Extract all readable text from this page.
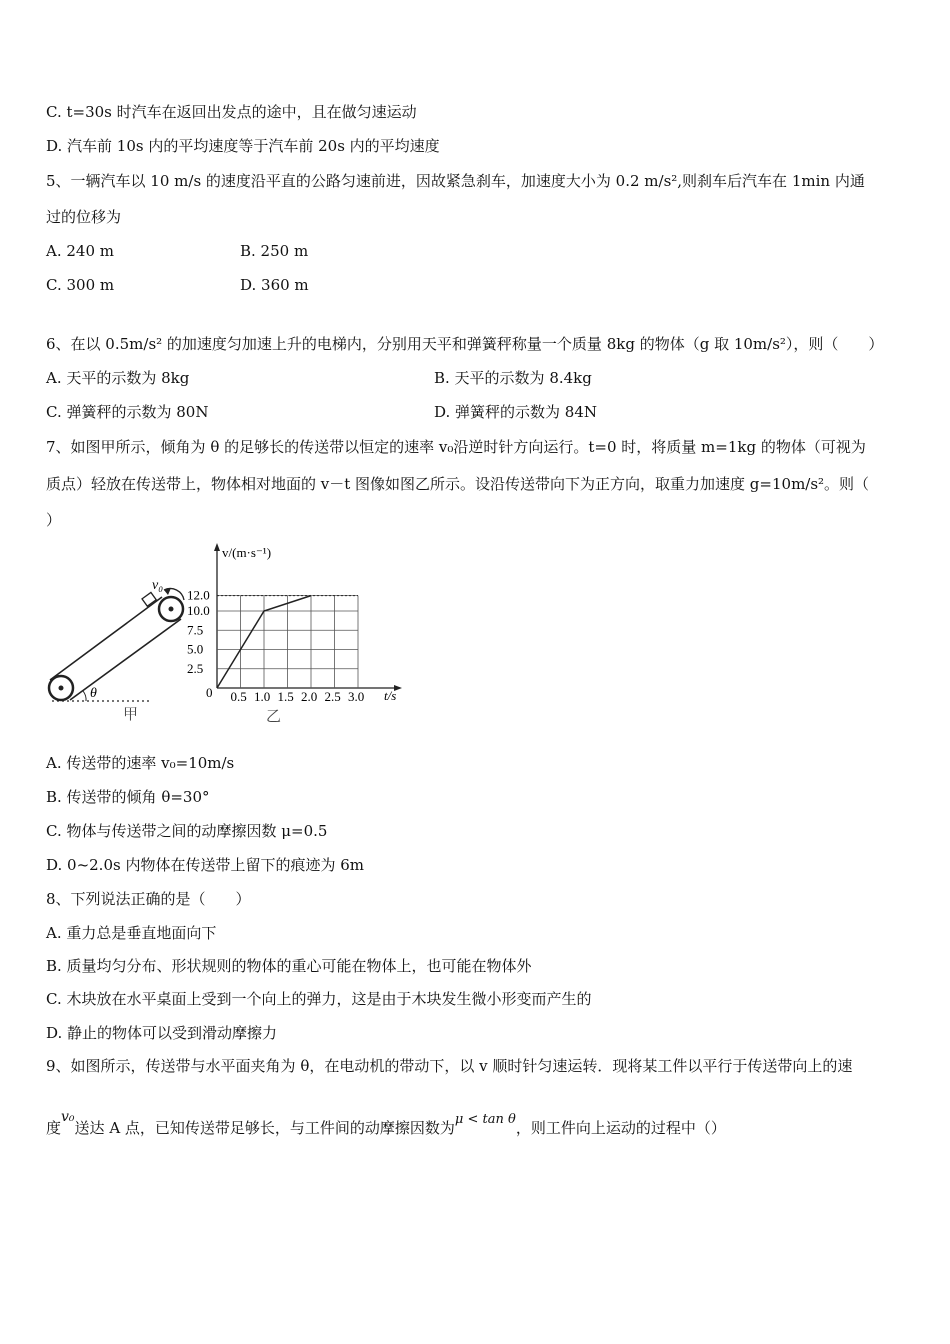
C. t=30s 时汽车在返回出发点的途中，且在做匀速运动
D. 汽车前 10s 内的平均速度等于汽车前 20s 内的平均速度
5、一辆汽车以 10 m/s 的速度沿平直的公路匀速前进，因故紧急刹车，加速度大小为 0.2 m/s²,则刹车后汽车在 1min 内通
过的位移为
A. 240 m	B. 250 m
C. 300 m	D. 360 m
6、在以 0.5m/s² 的加速度匀加速上升的电梯内，分别用天平和弹簧秤称量一个质量 8kg 的物体（g 取 10m/s²），则（　　）
A. 天平的示数为 8kg	B. 天平的示数为 8.4kg
C. 弹簧秤的示数为 80N	D. 弹簧秤的示数为 84N
7、如图甲所示，倾角为 θ 的足够长的传送带以恒定的速率 v₀沿逆时针方向运行。t=0 时，将质量 m=1kg 的物体（可视为
质点）轻放在传送带上，物体相对地面的 v－t 图像如图乙所示。设沿传送带向下为正方向，取重力加速度 g=10m/s²。则（
）
v₀
θ
甲
0.5 1.0 1.5 2.0 2.5 3.0
2.5
5.0
7.5
10.0
12.0
v/(m·s⁻¹)
t/s
0
乙
A. 传送带的速率 v₀=10m/s
B. 传送带的倾角 θ=30°
C. 物体与传送带之间的动摩擦因数 μ=0.5
D. 0~2.0s 内物体在传送带上留下的痕迹为 6m
8、下列说法正确的是（　　）
A. 重力总是垂直地面向下
B. 质量均匀分布、形状规则的物体的重心可能在物体上，也可能在物体外
C. 木块放在水平桌面上受到一个向上的弹力，这是由于木块发生微小形变而产生的
D. 静止的物体可以受到滑动摩擦力
9、如图所示，传送带与水平面夹角为 θ，在电动机的带动下，以 v 顺时针匀速运转．现将某工件以平行于传送带向上的速
度v₀送达 A 点，已知传送带足够长，与工件间的动摩擦因数为μ < tan θ，则工件向上运动的过程中（）
